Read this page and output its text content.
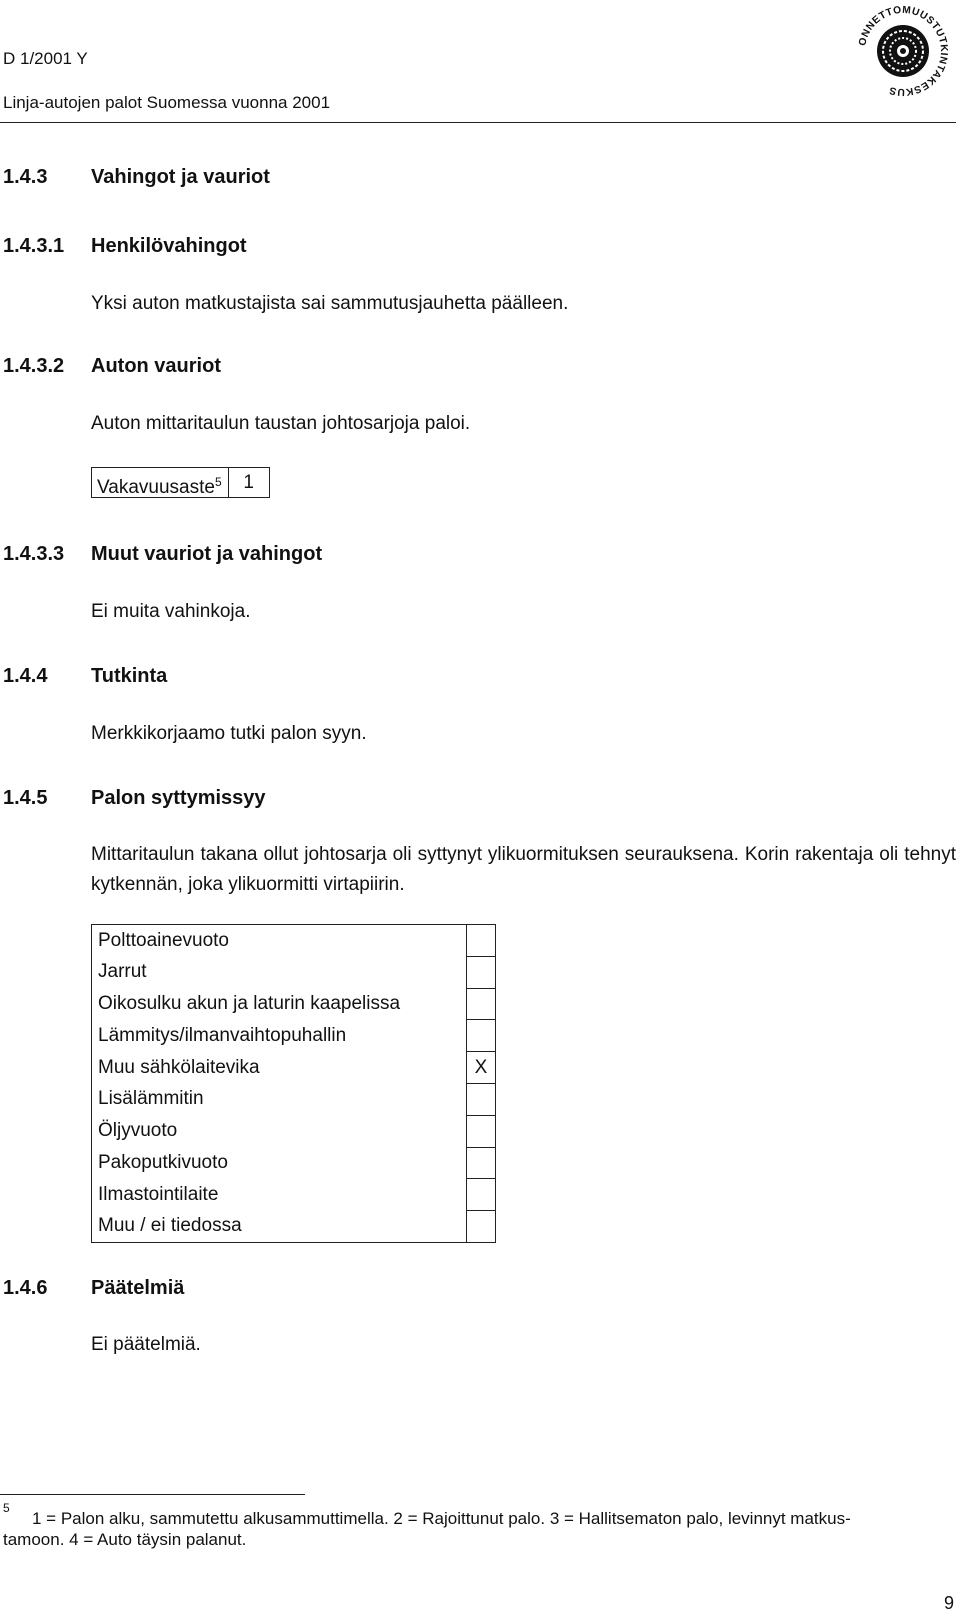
D 1/2001 Y
Linja-autojen palot Suomessa vuonna 2001
ONNETTOMUUSTUTKINTAKESKUS
1.4.3 Vahingot ja vauriot
1.4.3.1 Henkilövahingot
Yksi auton matkustajista sai sammutusjauhetta päälleen.
1.4.3.2 Auton vauriot
Auton mittaritaulun taustan johtosarjoja paloi.
Vakavuusaste$^5$	1
1.4.3.3 Muut vauriot ja vahingot
Ei muita vahinkoja.
1.4.4 Tutkinta
Merkkikorjaamo tutki palon syyn.
1.4.5 Palon syttymissyy
Mittaritaulun takana ollut johtosarja oli syttynyt ylikuormituksen seurauksena. Korin rakentaja oli tehnyt kytkennän, joka ylikuormitti virtapiirin.
Polttoainevuoto	
Jarrut	
Oikosulku akun ja laturin kaapelissa	
Lämmitys/ilmanvaihtopuhallin	
Muu sähkölaitevika	X
Lisälämmitin	
Öljyvuoto	
Pakoputkivuoto	
Ilmastointilaite	
Muu / ei tiedossa	
1.4.6 Päätelmiä
Ei päätelmiä.
5
1 = Palon alku, sammutettu alkusammuttimella. 2 = Rajoittunut palo. 3 = Hallitsematon palo, levinnyt matkus-
tamoon. 4 = Auto täysin palanut.
9
